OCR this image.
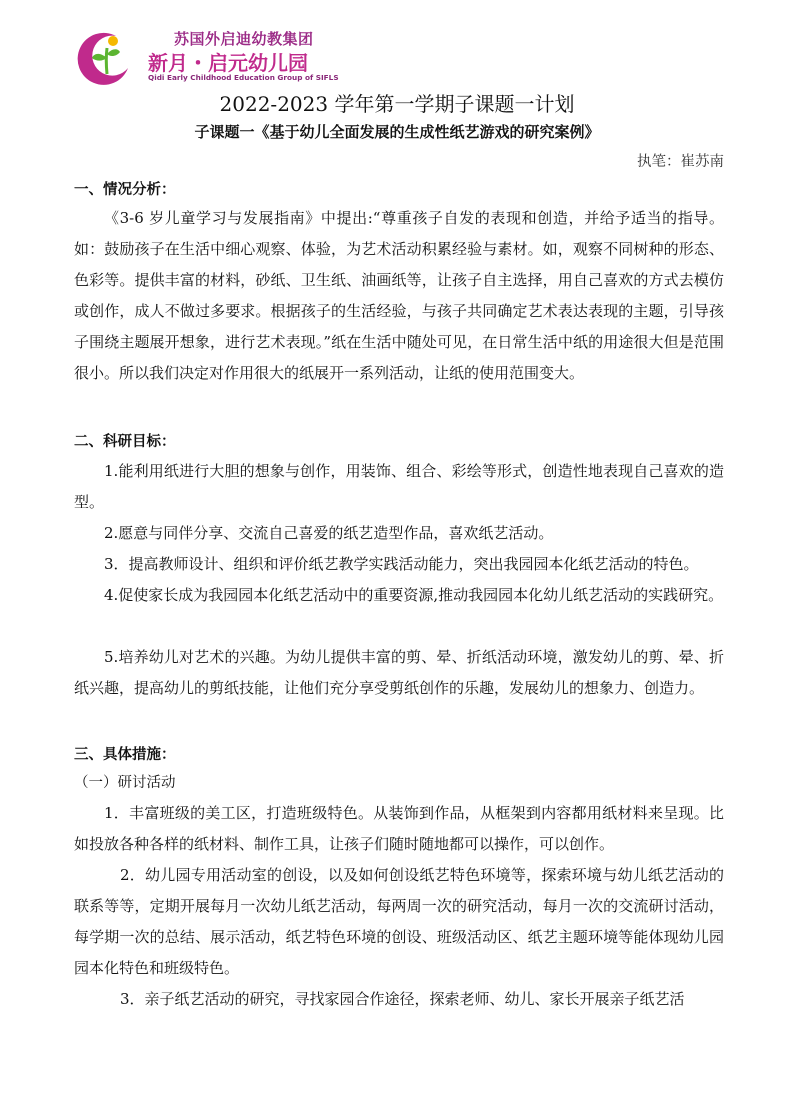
苏国外启迪幼教集团
新月・启元幼儿园
Qidi Early Childhood Education Group of SIFLS
2022-2023 学年第一学期子课题一计划
子课题一《基于幼儿全面发展的生成性纸艺游戏的研究案例》
执笔：崔苏南
一、情况分析：
《3-6 岁儿童学习与发展指南》中提出:“尊重孩子自发的表现和创造，并给予适当的指导。如：鼓励孩子在生活中细心观察、体验，为艺术活动积累经验与素材。如，观察不同树种的形态、色彩等。提供丰富的材料，砂纸、卫生纸、油画纸等，让孩子自主选择，用自己喜欢的方式去模仿或创作，成人不做过多要求。根据孩子的生活经验，与孩子共同确定艺术表达表现的主题，引导孩子围绕主题展开想象，进行艺术表现。”纸在生活中随处可见，在日常生活中纸的用途很大但是范围很小。所以我们决定对作用很大的纸展开一系列活动，让纸的使用范围变大。
二、科研目标：
1.能利用纸进行大胆的想象与创作，用装饰、组合、彩绘等形式，创造性地表现自己喜欢的造型。
2.愿意与同伴分享、交流自己喜爱的纸艺造型作品，喜欢纸艺活动。
3．提高教师设计、组织和评价纸艺教学实践活动能力，突出我园园本化纸艺活动的特色。
4.促使家长成为我园园本化纸艺活动中的重要资源,推动我园园本化幼儿纸艺活动的实践研究。
5.培养幼儿对艺术的兴趣。为幼儿提供丰富的剪、晕、折纸活动环境，激发幼儿的剪、晕、折纸兴趣，提高幼儿的剪纸技能，让他们充分享受剪纸创作的乐趣，发展幼儿的想象力、创造力。
三、具体措施：
（一）研讨活动
1．丰富班级的美工区，打造班级特色。从装饰到作品，从框架到内容都用纸材料来呈现。比如投放各种各样的纸材料、制作工具，让孩子们随时随地都可以操作，可以创作。
2．幼儿园专用活动室的创设，以及如何创设纸艺特色环境等，探索环境与幼儿纸艺活动的联系等等，定期开展每月一次幼儿纸艺活动，每两周一次的研究活动，每月一次的交流研讨活动，每学期一次的总结、展示活动，纸艺特色环境的创设、班级活动区、纸艺主题环境等能体现幼儿园园本化特色和班级特色。
3．亲子纸艺活动的研究，寻找家园合作途径，探索老师、幼儿、家长开展亲子纸艺活
